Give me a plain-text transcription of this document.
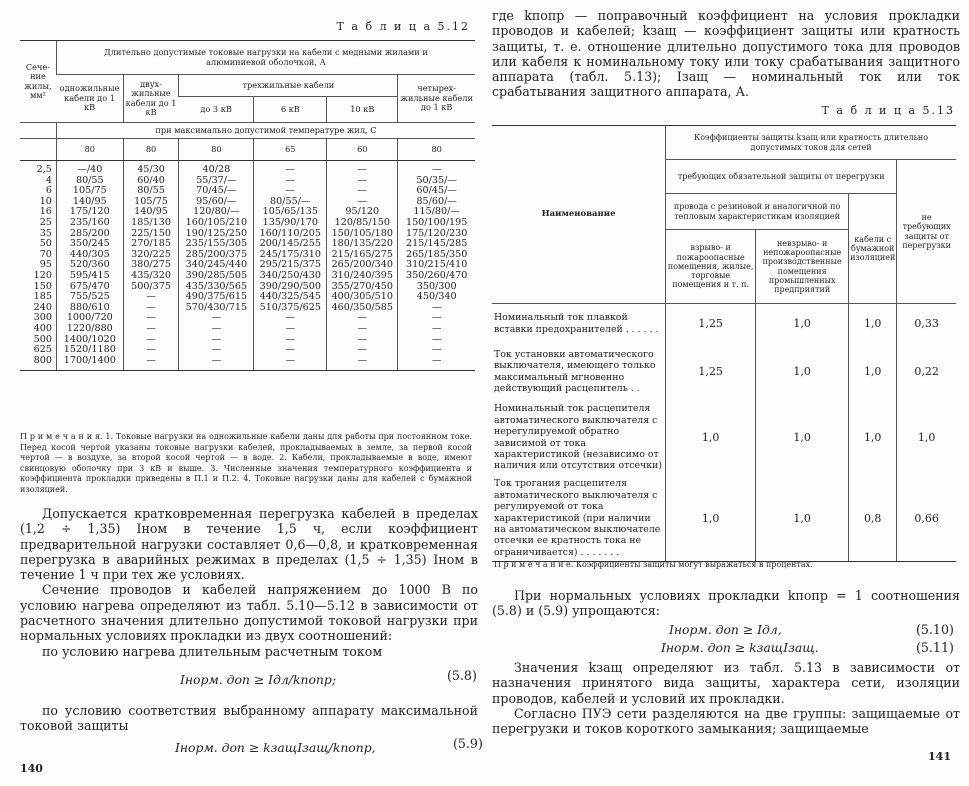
Т а б л и ц а 5.12
Сече-ние жилы, мм²	Длительно допустимые токовые нагрузки на кабели с медными жилами и алюминиевой оболочкой, А					
	одножильные кабели до 1 кВ	двух-жильные кабели до 1 кВ	трехжильные кабели			четырех-жильные кабели до 1 кВ
			до 3 кВ	6 кВ	10 кВ	
	при максимально допустимой температуре жил, С					
	80	80	80	65	60	80
2,5	—/40	45/30	40/28	—	—	—
4	80/55	60/40	55/37/—	—	—	50/35/—
6	105/75	80/55	70/45/—	—	—	60/45/—
10	140/95	105/75	95/60/—	80/55/—	—	85/60/—
16	175/120	140/95	120/80/—	105/65/135	95/120	115/80/—
25	235/160	185/130	160/105/210	135/90/170	120/85/150	150/100/195
35	285/200	225/150	190/125/250	160/110/205	150/105/180	175/120/230
50	350/245	270/185	235/155/305	200/145/255	180/135/220	215/145/285
70	440/305	320/225	285/200/375	245/175/310	215/165/275	265/185/350
95	520/360	380/275	340/245/440	295/215/375	265/200/340	310/215/410
120	595/415	435/320	390/285/505	340/250/430	310/240/395	350/260/470
150	675/470	500/375	435/330/565	390/290/500	355/270/450	350/300
185	755/525	—	490/375/615	440/325/545	400/305/510	450/340
240	880/610	—	570/430/715	510/375/625	460/350/585	—
300	1000/720	—	—	—	—	—
400	1220/880	—	—	—	—	—
500	1400/1020	—	—	—	—	—
625	1520/1180	—	—	—	—	—
800	1700/1400	—	—	—	—	—
П р и м е ч а н и я. 1. Токовые нагрузки на одножильные кабели даны для работы при постоянном токе. Перед косой чертой указаны токовые нагрузки кабелей, прокладываемых в земле, за первой косой чертой — в воздухе, за второй косой чертой — в воде. 2. Кабели, прокладываемые в воде, имеют свинцовую оболочку при 3 кВ и выше. 3. Численные значения температурного коэффициента и коэффициента прокладки приведены в П.1 и П.2. 4. Токовые нагрузки даны для кабелей с бумажной изоляцией.

Допускается кратковременная перегрузка кабелей в пределах (1,2 ÷ 1,35) Iном в течение 1,5 ч, если коэффициент предварительной нагрузки составляет 0,6—0,8, и кратковременная перегрузка в аварийных режимах в пределах (1,5 ÷ 1,35) Iном в течение 1 ч при тех же условиях.

Сечение проводов и кабелей напряжением до 1000 В по условию нагрева определяют из табл. 5.10—5.12 в зависимости от расчетного значения длительно допустимой токовой нагрузки при нормальных условиях прокладки из двух соотношений:

по условию нагрева длительным расчетным током

Iнорм. доп ≥ Iдл/kпопр;	(5.8)

по условию соответствия выбранному аппарату максимальной токовой защиты

Iнорм. доп ≥ kзащIзащ/kпопр,	(5.9)
140
где kпопр — поправочный коэффициент на условия прокладки проводов и кабелей; kзащ — коэффициент защиты или кратность защиты, т. е. отношение длительно допустимого тока для проводов или кабеля к номинальному току или току срабатывания защитного аппарата (табл. 5.13); Iзащ — номинальный ток или ток срабатывания защитного аппарата, А.
Т а б л и ц а 5.13
Наименование	Коэффициенты защиты kзащ или кратность длительно допустимых токов для сетей			
	требующих обязательной защиты от перегрузки			не требующих защиты от перегрузки
	провода с резиновой и аналогичной по тепловым характеристикам изоляцией		кабели с бумажной изоляцией	
	взрыво- и пожароопасные помещения, жилые, торговые помещения и т. п.	невзрыво- и непожароопасные производственные помещения промышленных предприятий		
Номинальный ток плавкой вставки предохранителей . . . . . .	1,25	1,0	1,0	0,33
Ток установки автоматического выключателя, имеющего только максимальный мгновенно действующий расцепитель . .	1,25	1,0	1,0	0,22
Номинальный ток расцепителя автоматического выключателя с нерегулируемой обратно зависимой от тока характеристикой (независимо от наличия или отсутствия отсечки)	1,0	1,0	1,0	1,0
Ток трогания расцепителя автоматического выключателя с регулируемой от тока характеристикой (при наличии на автоматическом выключателе отсечки ее кратность тока не ограничивается) . . . . . . .	1,0	1,0	0,8	0,66
П р и м е ч а н и е. Коэффициенты защиты могут выражаться в процентах.

При нормальных условиях прокладки kпопр = 1 соотношения (5.8) и (5.9) упрощаются:

Iнорм. доп ≥ Iдл,	(5.10)
Iнорм. доп ≥ kзащIзащ.	(5.11)

Значения kзащ определяют из табл. 5.13 в зависимости от назначения принятого вида защиты, характера сети, изоляции проводов, кабелей и условий их прокладки.

Согласно ПУЭ сети разделяются на две группы: защищаемые от перегрузки и токов короткого замыкания; защищаемые

141
